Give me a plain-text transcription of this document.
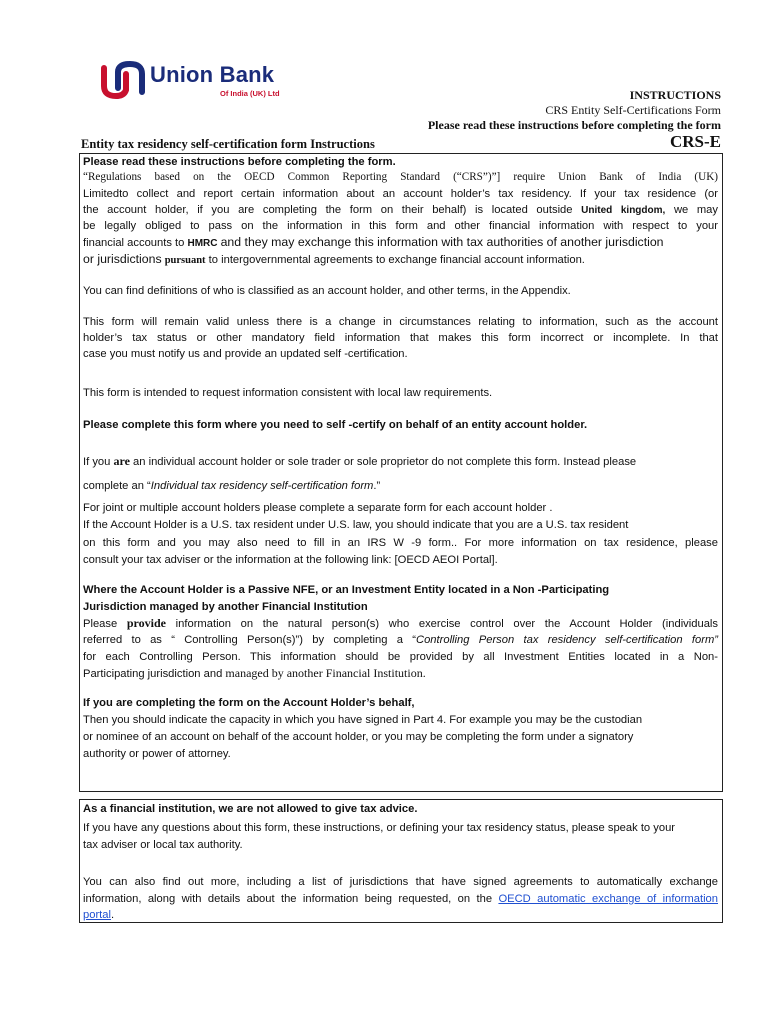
Union Bank
Of India (UK) Ltd	INSTRUCTIONS
CRS Entity Self-Certifications Form
Please read these instructions before completing the form
Entity tax residency self-certification form Instructions	CRS-E

Please read these instructions before completing the form.

“Regulations based on the OECD Common Reporting Standard (“CRS”)”] require Union Bank of India (UK)

Limitedto collect and report certain information about an account holder’s tax residency. If your tax residence (or

the account holder, if you are completing the form on their behalf) is located outside United kingdom, we may

be legally obliged to pass on the information in this form and other financial information with respect to your

financial accounts to HMRC and they may exchange this information with tax authorities of another jurisdiction

or jurisdictions pursuant to intergovernmental agreements to exchange financial account information.

You can find definitions of who is classified as an account holder, and other terms, in the Appendix.

This form will remain valid unless there is a change in circumstances relating to information, such as the account

holder’s tax status or other mandatory field information that makes this form incorrect or incomplete. In that

case you must notify us and provide an updated self -certification.

This form is intended to request information consistent with local law requirements.

Please complete this form where you need to self -certify on behalf of an entity account holder.

If you are an individual account holder or sole trader or sole proprietor do not complete this form. Instead please

complete an “Individual tax residency self-certification form.”

For joint or multiple account holders please complete a separate form for each account holder .

If the Account Holder is a U.S. tax resident under U.S. law, you should indicate that you are a U.S. tax resident

on this form and you may also need to fill in an IRS W -9 form.. For more information on tax residence, please

consult your tax adviser or the information at the following link: [OECD AEOI Portal].

Where the Account Holder is a Passive NFE, or an Investment Entity located in a Non -Participating

Jurisdiction managed by another Financial Institution

Please provide information on the natural person(s) who exercise control over the Account Holder (individuals

referred to as “ Controlling Person(s)”) by completing a “Controlling Person tax residency self-certification form”

for each Controlling Person. This information should be provided by all Investment Entities located in a Non-

Participating jurisdiction and managed by another Financial Institution.

If you are completing the form on the Account Holder’s behalf,

Then you should indicate the capacity in which you have signed in Part 4. For example you may be the custodian

or nominee of an account on behalf of the account holder, or you may be completing the form under a signatory

authority or power of attorney.

As a financial institution, we are not allowed to give tax advice.

If you have any questions about this form, these instructions, or defining your tax residency status, please speak to your

tax adviser or local tax authority.

You can also find out more, including a list of jurisdictions that have signed agreements to automatically exchange

information, along with details about the information being requested, on the OECD automatic exchange of information

portal.
